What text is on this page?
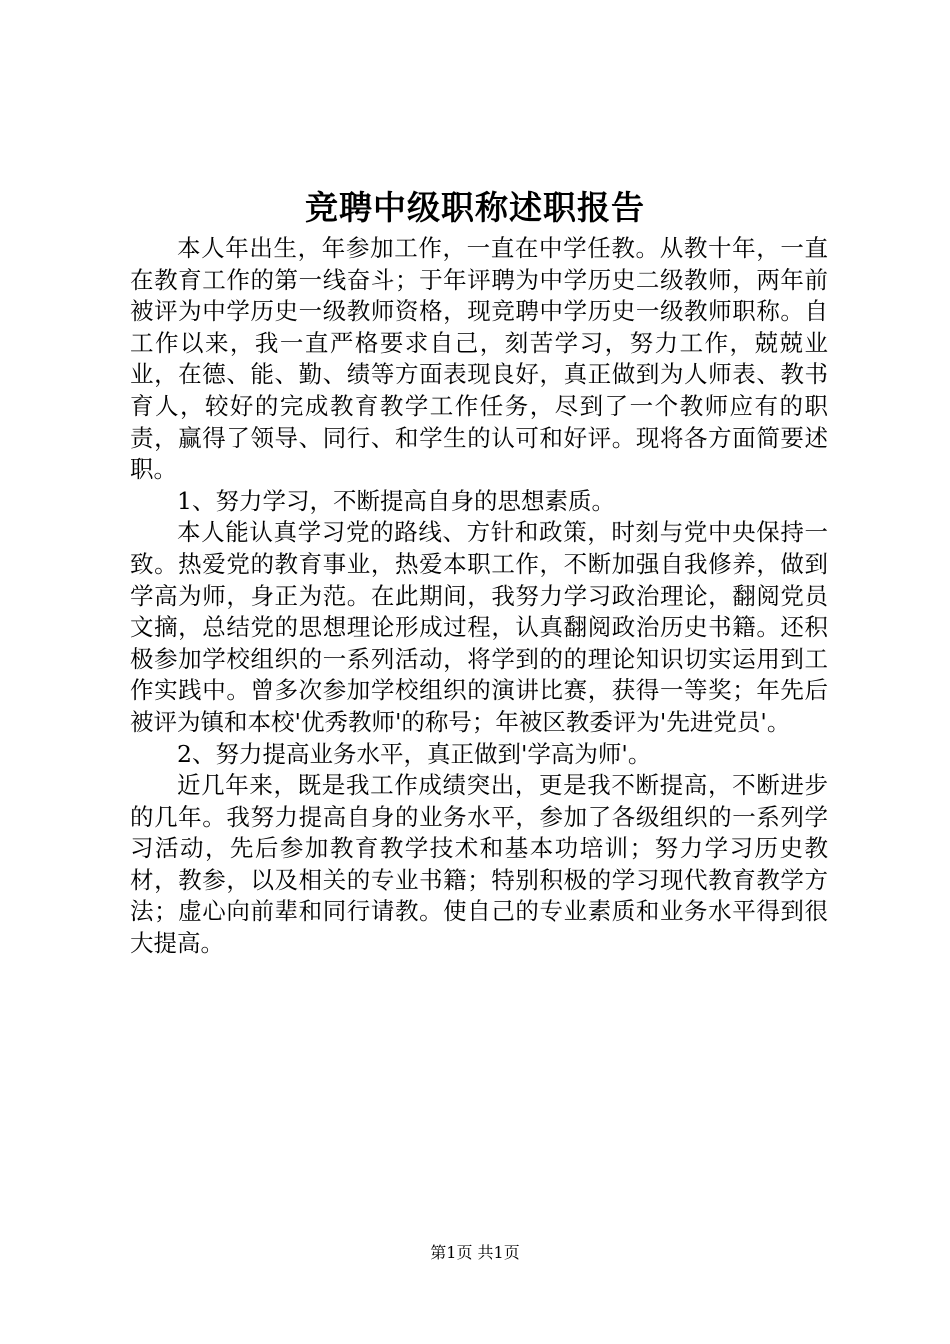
竞聘中级职称述职报告

本人年出生，年参加工作，一直在中学任教。从教十年，一直在教育工作的第一线奋斗；于年评聘为中学历史二级教师，两年前被评为中学历史一级教师资格，现竞聘中学历史一级教师职称。自工作以来，我一直严格要求自己，刻苦学习，努力工作，兢兢业业，在德、能、勤、绩等方面表现良好，真正做到为人师表、教书育人，较好的完成教育教学工作任务，尽到了一个教师应有的职责，赢得了领导、同行、和学生的认可和好评。现将各方面简要述职。

1、努力学习，不断提高自身的思想素质。

本人能认真学习党的路线、方针和政策，时刻与党中央保持一致。热爱党的教育事业，热爱本职工作，不断加强自我修养，做到学高为师，身正为范。在此期间，我努力学习政治理论，翻阅党员文摘，总结党的思想理论形成过程，认真翻阅政治历史书籍。还积极参加学校组织的一系列活动，将学到的的理论知识切实运用到工作实践中。曾多次参加学校组织的演讲比赛，获得一等奖；年先后被评为镇和本校'优秀教师'的称号；年被区教委评为'先进党员'。

2、努力提高业务水平，真正做到'学高为师'。

近几年来，既是我工作成绩突出，更是我不断提高，不断进步的几年。我努力提高自身的业务水平，参加了各级组织的一系列学习活动，先后参加教育教学技术和基本功培训；努力学习历史教材，教参，以及相关的专业书籍；特别积极的学习现代教育教学方法；虚心向前辈和同行请教。使自己的专业素质和业务水平得到很大提高。

第1页 共1页
